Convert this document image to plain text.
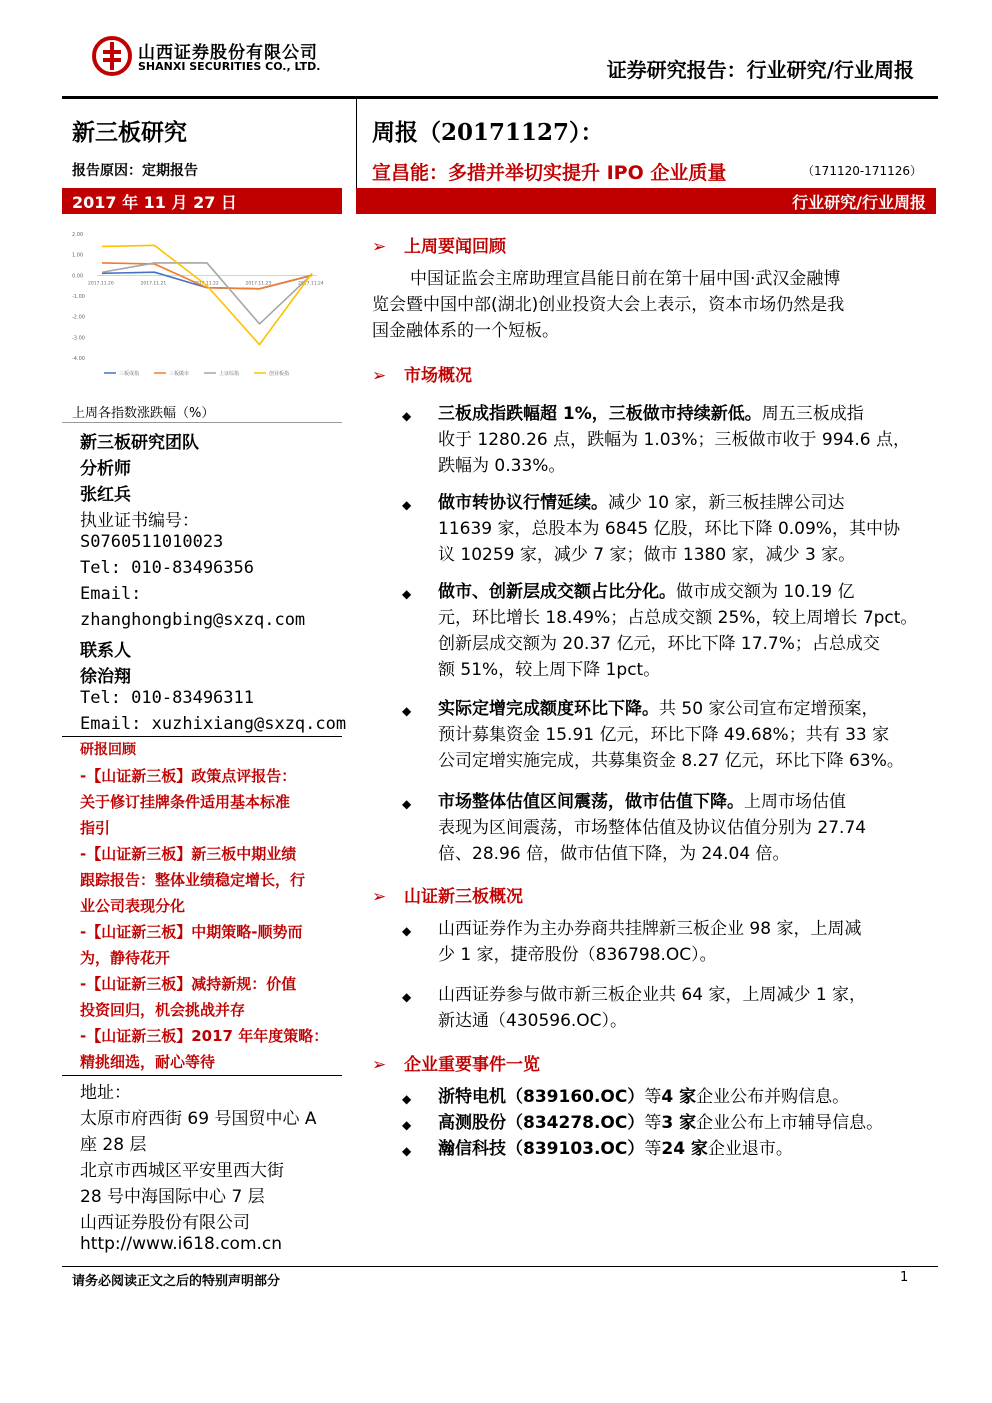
山西证券股份有限公司
SHANXI SECURITIES CO., LTD.	证券研究报告：行业研究/行业周报
新三板研究
报告原因：定期报告
2017 年 11 月 27 日
2.00
1.00
0.00
-1.00
-2.00
-3.00
-4.00
2017.11.20	2017.11.21	2017.11.22	2017.11.23	2017.11.24
三板成指	三板做市	上证综指	创业板指
上周各指数涨跌幅（%）
新三板研究团队
分析师
张红兵
执业证书编号：
S0760511010023
Tel: 010-83496356
Email:
zhanghongbing@sxzq.com
联系人
徐治翔
Tel: 010-83496311
Email: xuzhixiang@sxzq.com
研报回顾
-【山证新三板】政策点评报告：
关于修订挂牌条件适用基本标准
指引
-【山证新三板】新三板中期业绩
跟踪报告：整体业绩稳定增长，行
业公司表现分化
-【山证新三板】中期策略-顺势而
为，静待花开
-【山证新三板】减持新规：价值
投资回归，机会挑战并存
-【山证新三板】2017 年年度策略：
精挑细选，耐心等待
地址：
太原市府西街 69 号国贸中心 A
座 28 层
北京市西城区平安里西大街
28 号中海国际中心 7 层
山西证券股份有限公司
http://www.i618.com.cn
周报（20171127）：
宣昌能：多措并举切实提升 IPO 企业质量	（171120-171126）
行业研究/行业周报
➢ 上周要闻回顾
中国证监会主席助理宣昌能日前在第十届中国·武汉金融博
览会暨中国中部(湖北)创业投资大会上表示，资本市场仍然是我
国金融体系的一个短板。
➢ 市场概况
◆ 三板成指跌幅超 1%，三板做市持续新低。周五三板成指
收于 1280.26 点，跌幅为 1.03%；三板做市收于 994.6 点，
跌幅为 0.33%。
◆ 做市转协议行情延续。减少 10 家，新三板挂牌公司达
11639 家，总股本为 6845 亿股，环比下降 0.09%，其中协
议 10259 家，减少 7 家；做市 1380 家，减少 3 家。
◆ 做市、创新层成交额占比分化。做市成交额为 10.19 亿
元，环比增长 18.49%；占总成交额 25%，较上周增长 7pct。
创新层成交额为 20.37 亿元，环比下降 17.7%；占总成交
额 51%，较上周下降 1pct。
◆ 实际定增完成额度环比下降。共 50 家公司宣布定增预案，
预计募集资金 15.91 亿元，环比下降 49.68%；共有 33 家
公司定增实施完成，共募集资金 8.27 亿元，环比下降 63%。
◆ 市场整体估值区间震荡，做市估值下降。上周市场估值
表现为区间震荡，市场整体估值及协议估值分别为 27.74
倍、28.96 倍，做市估值下降，为 24.04 倍。
➢ 山证新三板概况
◆ 山西证券作为主办券商共挂牌新三板企业 98 家，上周减
少 1 家，捷帝股份（836798.OC）。
◆ 山西证券参与做市新三板企业共 64 家，上周减少 1 家，
新达通（430596.OC）。
➢ 企业重要事件一览
◆ 浙特电机（839160.OC）等4 家企业公布并购信息。
◆ 高测股份（834278.OC）等3 家企业公布上市辅导信息。
◆ 瀚信科技（839103.OC）等24 家企业退市。
请务必阅读正文之后的特别声明部分	1
